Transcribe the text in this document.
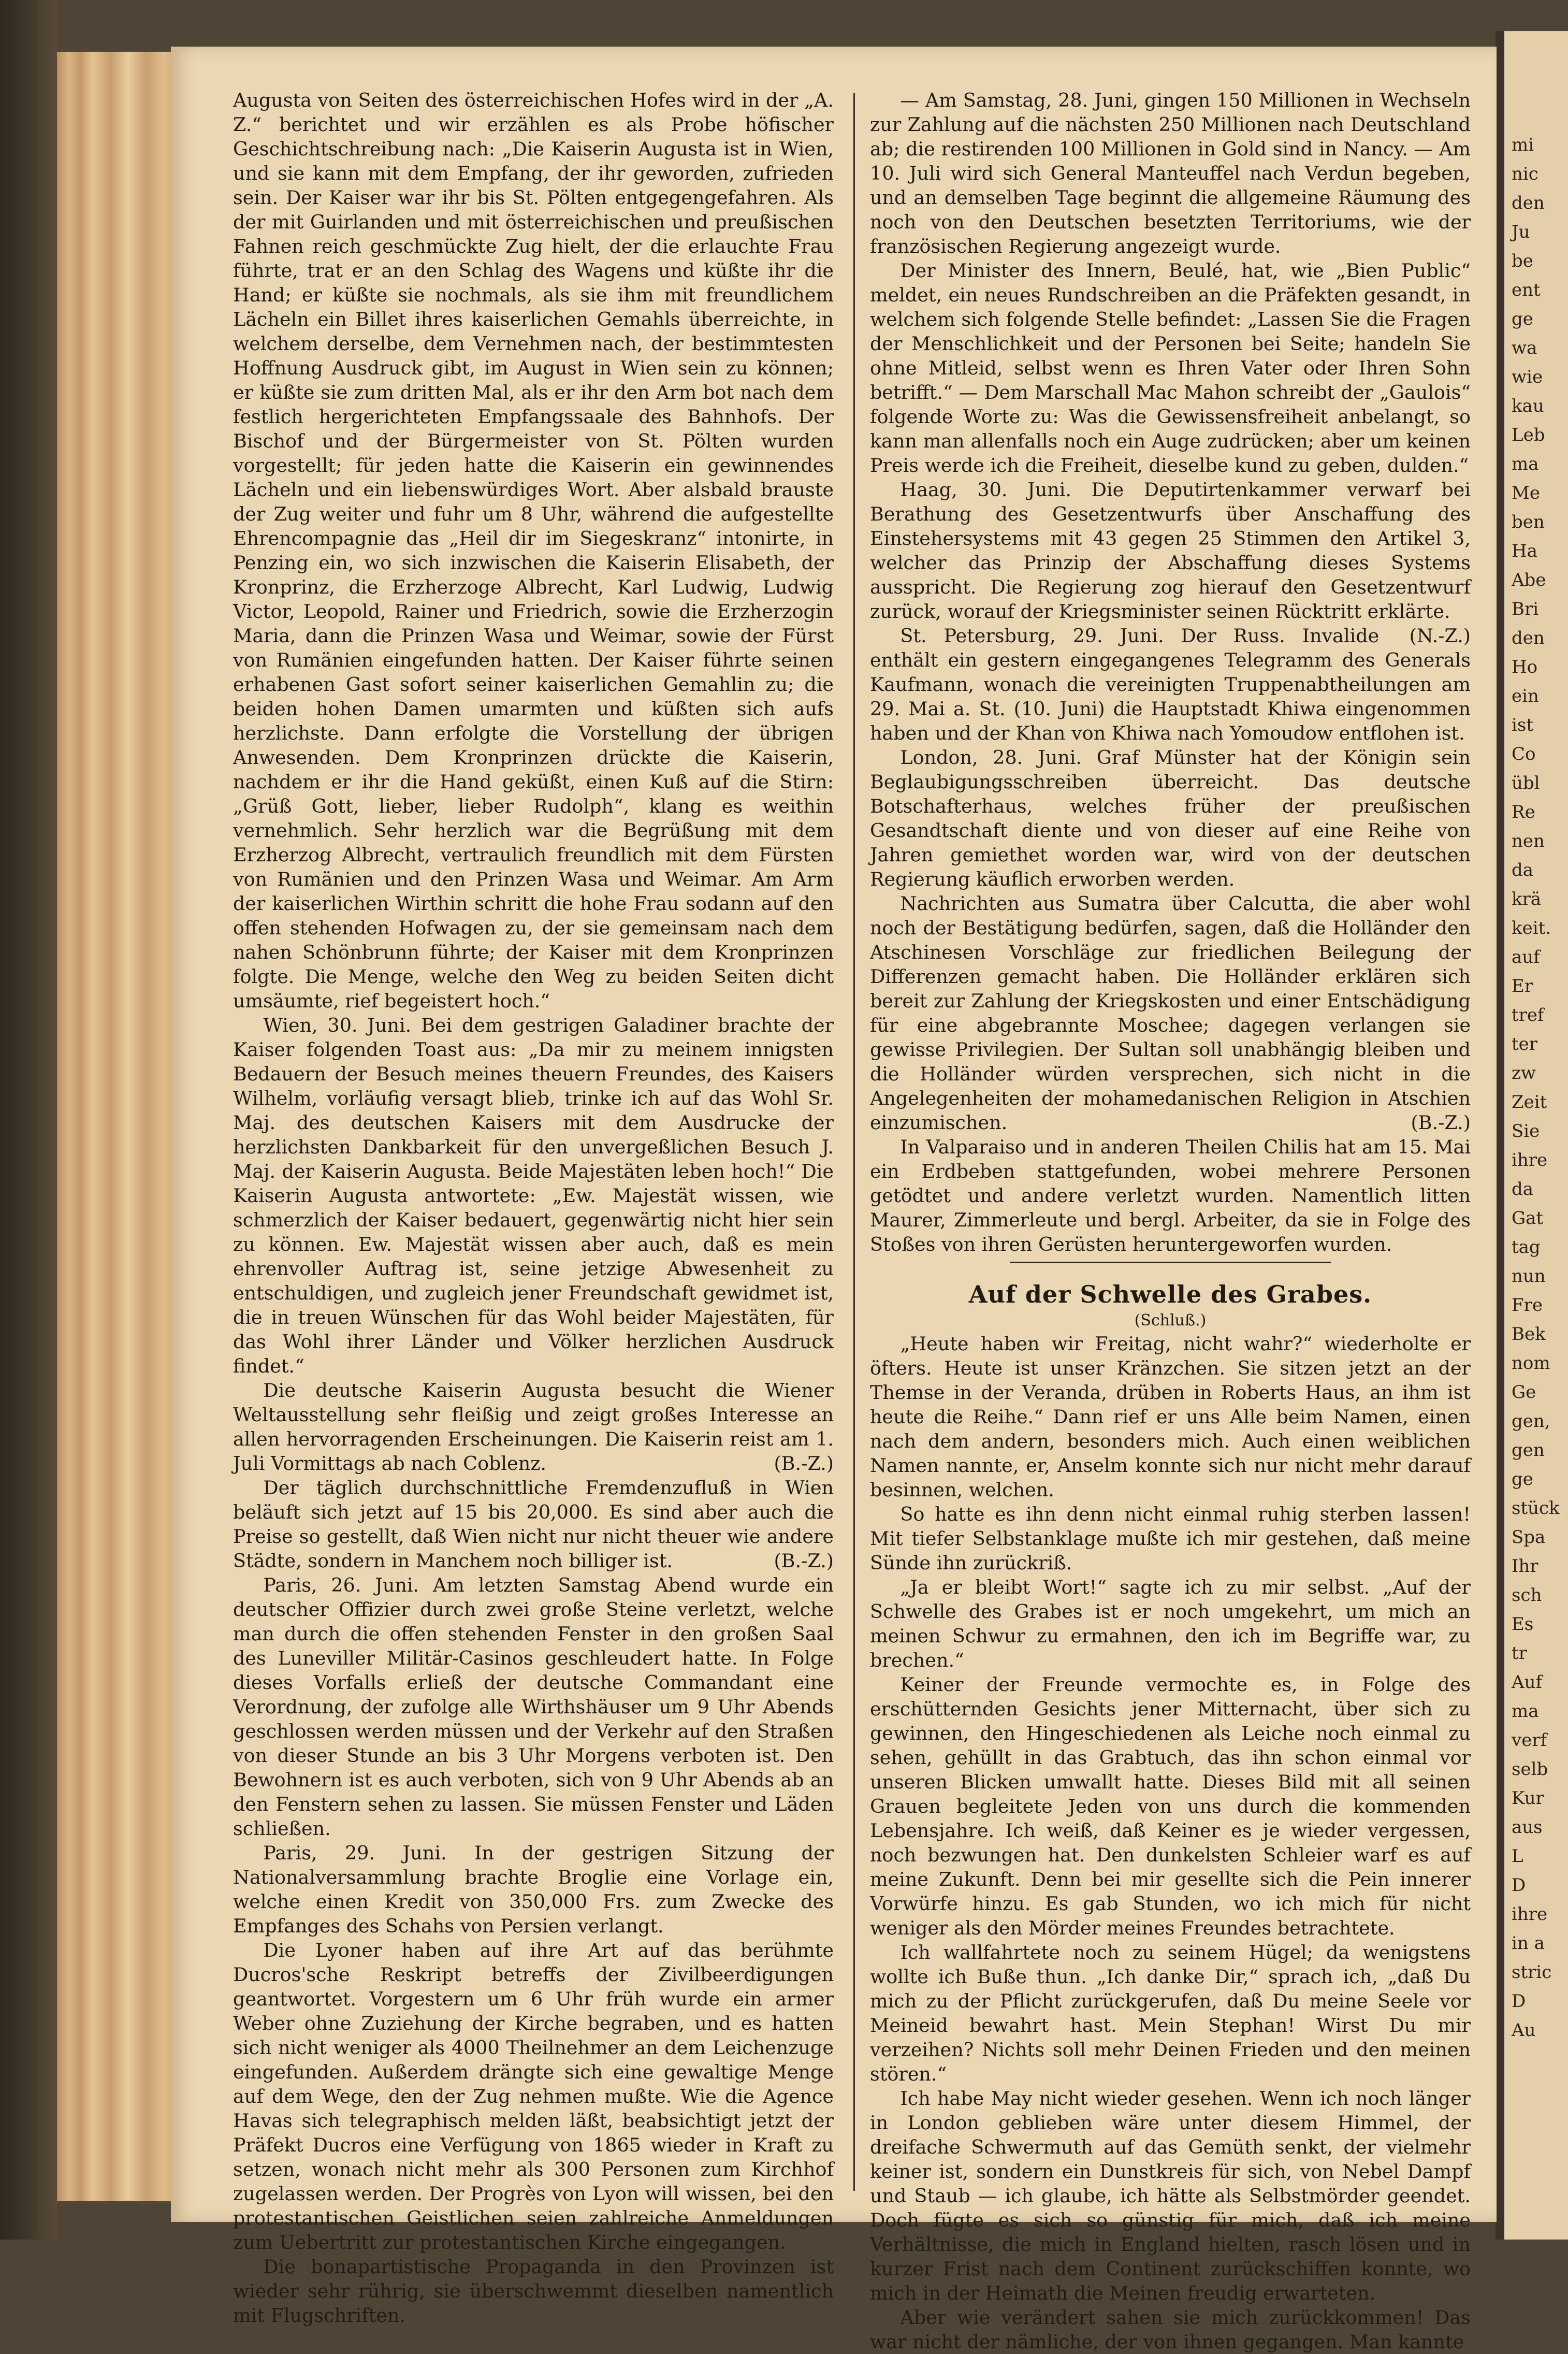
mi
nic
den
Ju
be
ent
ge
wa
wie
kau
Leb
ma
Me
ben
Ha
Abe
Bri
den
Ho
ein
ist
Co
übl
Re
nen
da
krä
keit.
auf
Er
tref
ter
zw
Zeit
Sie
ihre
da
Gat
tag
nun
Fre
Bek
nom
Ge
gen,
gen
ge
stück
Spa
Ihr
sch
Es
tr
Auf
ma
verf
selb
Kur
aus
L
D
ihre
in a
stric
D
Au

Augusta von Seiten des österreichischen Hofes wird in der „A. Z.“ berichtet und wir erzählen es als Probe höfischer Geschichtschreibung nach: „Die Kaiserin Augusta ist in Wien, und sie kann mit dem Empfang, der ihr geworden, zufrieden sein. Der Kaiser war ihr bis St. Pölten entgegengefahren. Als der mit Guirlanden und mit österreichischen und preußischen Fahnen reich geschmückte Zug hielt, der die erlauchte Frau führte, trat er an den Schlag des Wagens und küßte ihr die Hand; er küßte sie nochmals, als sie ihm mit freundlichem Lächeln ein Billet ihres kaiserlichen Gemahls überreichte, in welchem derselbe, dem Vernehmen nach, der bestimmtesten Hoffnung Ausdruck gibt, im August in Wien sein zu können; er küßte sie zum dritten Mal, als er ihr den Arm bot nach dem festlich hergerichteten Empfangssaale des Bahnhofs. Der Bischof und der Bürgermeister von St. Pölten wurden vorgestellt; für jeden hatte die Kaiserin ein gewinnendes Lächeln und ein liebenswürdiges Wort. Aber alsbald brauste der Zug weiter und fuhr um 8 Uhr, während die aufgestellte Ehrencompagnie das „Heil dir im Siegeskranz“ intonirte, in Penzing ein, wo sich inzwischen die Kaiserin Elisabeth, der Kronprinz, die Erzherzoge Albrecht, Karl Ludwig, Ludwig Victor, Leopold, Rainer und Friedrich, sowie die Erzherzogin Maria, dann die Prinzen Wasa und Weimar, sowie der Fürst von Rumänien eingefunden hatten. Der Kaiser führte seinen erhabenen Gast sofort seiner kaiserlichen Gemahlin zu; die beiden hohen Damen umarmten und küßten sich aufs herzlichste. Dann erfolgte die Vorstellung der übrigen Anwesenden. Dem Kronprinzen drückte die Kaiserin, nachdem er ihr die Hand geküßt, einen Kuß auf die Stirn: „Grüß Gott, lieber, lieber Rudolph“, klang es weithin vernehmlich. Sehr herzlich war die Begrüßung mit dem Erzherzog Albrecht, vertraulich freundlich mit dem Fürsten von Rumänien und den Prinzen Wasa und Weimar. Am Arm der kaiserlichen Wirthin schritt die hohe Frau sodann auf den offen stehenden Hofwagen zu, der sie gemeinsam nach dem nahen Schönbrunn führte; der Kaiser mit dem Kronprinzen folgte. Die Menge, welche den Weg zu beiden Seiten dicht umsäumte, rief begeistert hoch.“

Wien, 30. Juni. Bei dem gestrigen Galadiner brachte der Kaiser folgenden Toast aus: „Da mir zu meinem innigsten Bedauern der Besuch meines theuern Freundes, des Kaisers Wilhelm, vorläufig versagt blieb, trinke ich auf das Wohl Sr. Maj. des deutschen Kaisers mit dem Ausdrucke der herzlichsten Dankbarkeit für den unvergeßlichen Besuch J. Maj. der Kaiserin Augusta. Beide Majestäten leben hoch!“ Die Kaiserin Augusta antwortete: „Ew. Majestät wissen, wie schmerzlich der Kaiser bedauert, gegenwärtig nicht hier sein zu können. Ew. Majestät wissen aber auch, daß es mein ehrenvoller Auftrag ist, seine jetzige Abwesenheit zu entschuldigen, und zugleich jener Freundschaft gewidmet ist, die in treuen Wünschen für das Wohl beider Majestäten, für das Wohl ihrer Länder und Völker herzlichen Ausdruck findet.“

Die deutsche Kaiserin Augusta besucht die Wiener Weltausstellung sehr fleißig und zeigt großes Interesse an allen hervorragenden Erscheinungen. Die Kaiserin reist am 1. Juli Vormittags ab nach Coblenz.	(B.-Z.)

Der täglich durchschnittliche Fremdenzufluß in Wien beläuft sich jetzt auf 15 bis 20,000. Es sind aber auch die Preise so gestellt, daß Wien nicht nur nicht theuer wie andere Städte, sondern in Manchem noch billiger ist.	(B.-Z.)

Paris, 26. Juni. Am letzten Samstag Abend wurde ein deutscher Offizier durch zwei große Steine verletzt, welche man durch die offen stehenden Fenster in den großen Saal des Luneviller Militär-Casinos geschleudert hatte. In Folge dieses Vorfalls erließ der deutsche Commandant eine Verordnung, der zufolge alle Wirthshäuser um 9 Uhr Abends geschlossen werden müssen und der Verkehr auf den Straßen von dieser Stunde an bis 3 Uhr Morgens verboten ist. Den Bewohnern ist es auch verboten, sich von 9 Uhr Abends ab an den Fenstern sehen zu lassen. Sie müssen Fenster und Läden schließen.

Paris, 29. Juni. In der gestrigen Sitzung der Nationalversammlung brachte Broglie eine Vorlage ein, welche einen Kredit von 350,000 Frs. zum Zwecke des Empfanges des Schahs von Persien verlangt.

Die Lyoner haben auf ihre Art auf das berühmte Ducros'sche Reskript betreffs der Zivilbeerdigungen geantwortet. Vorgestern um 6 Uhr früh wurde ein armer Weber ohne Zuziehung der Kirche begraben, und es hatten sich nicht weniger als 4000 Theilnehmer an dem Leichenzuge eingefunden. Außerdem drängte sich eine gewaltige Menge auf dem Wege, den der Zug nehmen mußte. Wie die Agence Havas sich telegraphisch melden läßt, beabsichtigt jetzt der Präfekt Ducros eine Verfügung von 1865 wieder in Kraft zu setzen, wonach nicht mehr als 300 Personen zum Kirchhof zugelassen werden. Der Progrès von Lyon will wissen, bei den protestantischen Geistlichen seien zahlreiche Anmeldungen zum Uebertritt zur protestantischen Kirche eingegangen.

Die bonapartistische Propaganda in den Provinzen ist wieder sehr rührig, sie überschwemmt dieselben namentlich mit Flugschriften.

— Am Samstag, 28. Juni, gingen 150 Millionen in Wechseln zur Zahlung auf die nächsten 250 Millionen nach Deutschland ab; die restirenden 100 Millionen in Gold sind in Nancy. — Am 10. Juli wird sich General Manteuffel nach Verdun begeben, und an demselben Tage beginnt die allgemeine Räumung des noch von den Deutschen besetzten Territoriums, wie der französischen Regierung angezeigt wurde.

Der Minister des Innern, Beulé, hat, wie „Bien Public“ meldet, ein neues Rundschreiben an die Präfekten gesandt, in welchem sich folgende Stelle befindet: „Lassen Sie die Fragen der Menschlichkeit und der Personen bei Seite; handeln Sie ohne Mitleid, selbst wenn es Ihren Vater oder Ihren Sohn betrifft.“ — Dem Marschall Mac Mahon schreibt der „Gaulois“ folgende Worte zu: Was die Gewissensfreiheit anbelangt, so kann man allenfalls noch ein Auge zudrücken; aber um keinen Preis werde ich die Freiheit, dieselbe kund zu geben, dulden.“

Haag, 30. Juni. Die Deputirtenkammer verwarf bei Berathung des Gesetzentwurfs über Anschaffung des Einstehersystems mit 43 gegen 25 Stimmen den Artikel 3, welcher das Prinzip der Abschaffung dieses Systems ausspricht. Die Regierung zog hierauf den Gesetzentwurf zurück, worauf der Kriegsminister seinen Rücktritt erklärte.
(N.-Z.)

St. Petersburg, 29. Juni. Der Russ. Invalide enthält ein gestern eingegangenes Telegramm des Generals Kaufmann, wonach die vereinigten Truppenabtheilungen am 29. Mai a. St. (10. Juni) die Hauptstadt Khiwa eingenommen haben und der Khan von Khiwa nach Yomoudow entflohen ist.

London, 28. Juni. Graf Münster hat der Königin sein Beglaubigungsschreiben überreicht. Das deutsche Botschafterhaus, welches früher der preußischen Gesandtschaft diente und von dieser auf eine Reihe von Jahren gemiethet worden war, wird von der deutschen Regierung käuflich erworben werden.

Nachrichten aus Sumatra über Calcutta, die aber wohl noch der Bestätigung bedürfen, sagen, daß die Holländer den Atschinesen Vorschläge zur friedlichen Beilegung der Differenzen gemacht haben. Die Holländer erklären sich bereit zur Zahlung der Kriegskosten und einer Entschädigung für eine abgebrannte Moschee; dagegen verlangen sie gewisse Privilegien. Der Sultan soll unabhängig bleiben und die Holländer würden versprechen, sich nicht in die Angelegenheiten der mohamedanischen Religion in Atschien einzumischen.	(B.-Z.)

In Valparaiso und in anderen Theilen Chilis hat am 15. Mai ein Erdbeben stattgefunden, wobei mehrere Personen getödtet und andere verletzt wurden. Namentlich litten Maurer, Zimmerleute und bergl. Arbeiter, da sie in Folge des Stoßes von ihren Gerüsten heruntergeworfen wurden.

Auf der Schwelle des Grabes.

(Schluß.)

„Heute haben wir Freitag, nicht wahr?“ wiederholte er öfters. Heute ist unser Kränzchen. Sie sitzen jetzt an der Themse in der Veranda, drüben in Roberts Haus, an ihm ist heute die Reihe.“ Dann rief er uns Alle beim Namen, einen nach dem andern, besonders mich. Auch einen weiblichen Namen nannte, er, Anselm konnte sich nur nicht mehr darauf besinnen, welchen.

So hatte es ihn denn nicht einmal ruhig sterben lassen! Mit tiefer Selbstanklage mußte ich mir gestehen, daß meine Sünde ihn zurückriß.

„Ja er bleibt Wort!“ sagte ich zu mir selbst. „Auf der Schwelle des Grabes ist er noch umgekehrt, um mich an meinen Schwur zu ermahnen, den ich im Begriffe war, zu brechen.“

Keiner der Freunde vermochte es, in Folge des erschütternden Gesichts jener Mitternacht, über sich zu gewinnen, den Hingeschiedenen als Leiche noch einmal zu sehen, gehüllt in das Grabtuch, das ihn schon einmal vor unseren Blicken umwallt hatte. Dieses Bild mit all seinen Grauen begleitete Jeden von uns durch die kommenden Lebensjahre. Ich weiß, daß Keiner es je wieder vergessen, noch bezwungen hat. Den dunkelsten Schleier warf es auf meine Zukunft. Denn bei mir gesellte sich die Pein innerer Vorwürfe hinzu. Es gab Stunden, wo ich mich für nicht weniger als den Mörder meines Freundes betrachtete.

Ich wallfahrtete noch zu seinem Hügel; da wenigstens wollte ich Buße thun. „Ich danke Dir,“ sprach ich, „daß Du mich zu der Pflicht zurückgerufen, daß Du meine Seele vor Meineid bewahrt hast. Mein Stephan! Wirst Du mir verzeihen? Nichts soll mehr Deinen Frieden und den meinen stören.“

Ich habe May nicht wieder gesehen. Wenn ich noch länger in London geblieben wäre unter diesem Himmel, der dreifache Schwermuth auf das Gemüth senkt, der vielmehr keiner ist, sondern ein Dunstkreis für sich, von Nebel Dampf und Staub — ich glaube, ich hätte als Selbstmörder geendet. Doch fügte es sich so günstig für mich, daß ich meine Verhältnisse, die mich in England hielten, rasch lösen und in kurzer Frist nach dem Continent zurückschiffen konnte, wo mich in der Heimath die Meinen freudig erwarteten.

Aber wie verändert sahen sie mich zurückkommen! Das war nicht der nämliche, der von ihnen gegangen. Man kannte
